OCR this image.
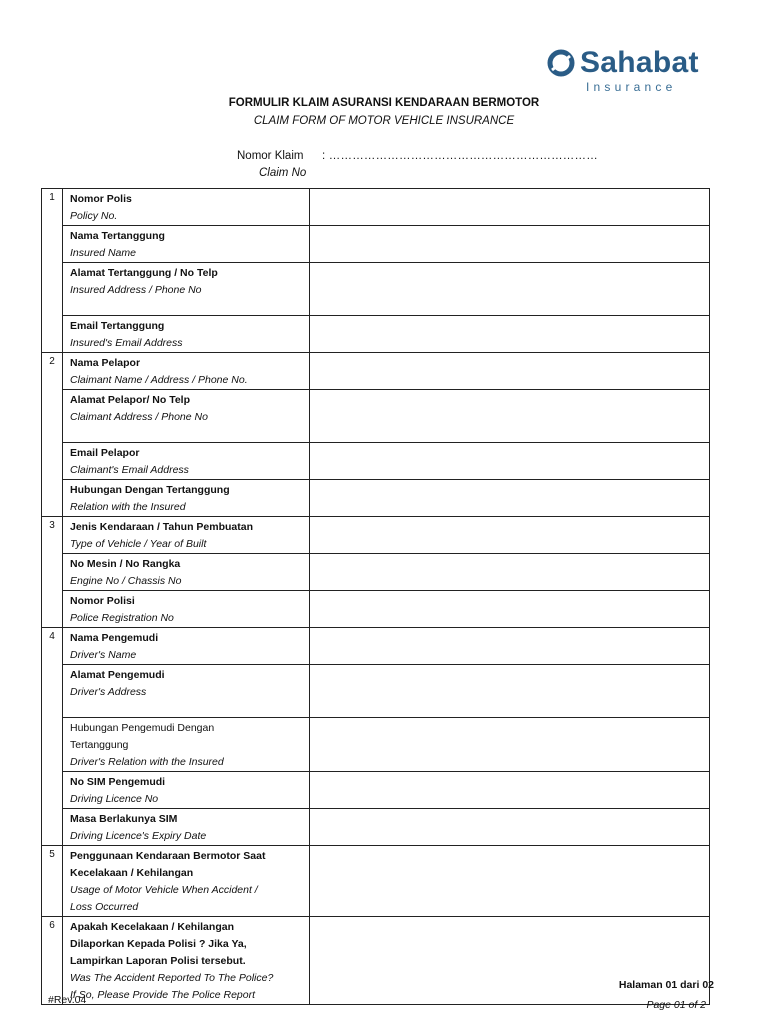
Sahabat
Insurance
FORMULIR KLAIM ASURANSI KENDARAAN BERMOTOR
CLAIM FORM OF MOTOR VEHICLE INSURANCE
Nomor Klaim : ……………………………………………………………
Claim No
1	Nomor Polis
Policy No.	

	Nama Tertanggung
Insured Name	

	Alamat Tertanggung / No Telp
Insured Address / Phone No	

	Email Tertanggung
Insured's Email Address	

2	Nama Pelapor
Claimant Name / Address / Phone No.	

	Alamat Pelapor/ No Telp
Claimant Address / Phone No	

	Email Pelapor
Claimant's Email Address	

	Hubungan Dengan Tertanggung
Relation with the Insured	

3	Jenis Kendaraan / Tahun Pembuatan
Type of Vehicle / Year of Built	

	No Mesin / No Rangka
Engine No / Chassis No	

	Nomor Polisi
Police Registration No	

4	Nama Pengemudi
Driver's Name	

	Alamat Pengemudi
Driver's Address	

	Hubungan Pengemudi Dengan
Tertanggung
Driver's Relation with the Insured	

	No SIM Pengemudi
Driving Licence No	

	Masa Berlakunya SIM
Driving Licence's Expiry Date	

5	Penggunaan Kendaraan Bermotor Saat
Kecelakaan / Kehilangan
Usage of Motor Vehicle When Accident /
Loss Occurred	

6	Apakah Kecelakaan / Kehilangan
Dilaporkan Kepada Polisi ? Jika Ya,
Lampirkan Laporan Polisi tersebut.
Was The Accident Reported To The Police?
If So, Please Provide The Police Report	

Halaman 01 dari 02
Page 01 of 2
#Rev.04
